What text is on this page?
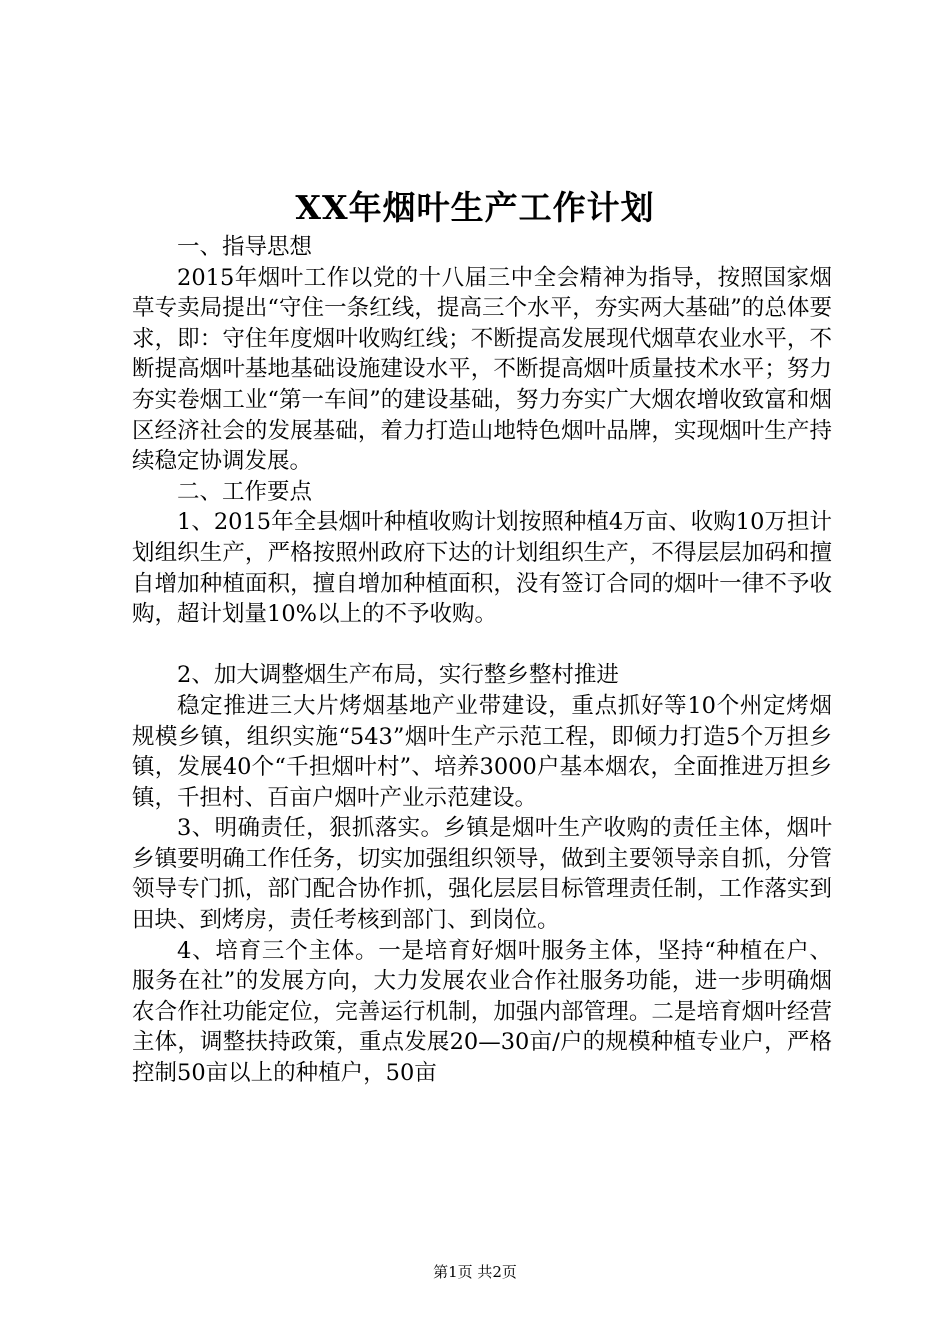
XX年烟叶生产工作计划

一、指导思想

2015年烟叶工作以党的十八届三中全会精神为指导，按照国家烟草专卖局提出“守住一条红线，提高三个水平，夯实两大基础”的总体要求，即：守住年度烟叶收购红线；不断提高发展现代烟草农业水平，不断提高烟叶基地基础设施建设水平，不断提高烟叶质量技术水平；努力夯实卷烟工业“第一车间”的建设基础，努力夯实广大烟农增收致富和烟区经济社会的发展基础，着力打造山地特色烟叶品牌，实现烟叶生产持续稳定协调发展。

二、工作要点

1、2015年全县烟叶种植收购计划按照种植4万亩、收购10万担计划组织生产，严格按照州政府下达的计划组织生产，不得层层加码和擅自增加种植面积，擅自增加种植面积，没有签订合同的烟叶一律不予收购，超计划量10%以上的不予收购。

2、加大调整烟生产布局，实行整乡整村推进

稳定推进三大片烤烟基地产业带建设，重点抓好等10个州定烤烟规模乡镇，组织实施“543”烟叶生产示范工程，即倾力打造5个万担乡镇，发展40个“千担烟叶村”、培养3000户基本烟农，全面推进万担乡镇，千担村、百亩户烟叶产业示范建设。

3、明确责任，狠抓落实。乡镇是烟叶生产收购的责任主体，烟叶乡镇要明确工作任务，切实加强组织领导，做到主要领导亲自抓，分管领导专门抓，部门配合协作抓，强化层层目标管理责任制，工作落实到田块、到烤房，责任考核到部门、到岗位。

4、培育三个主体。一是培育好烟叶服务主体，坚持“种植在户、服务在社”的发展方向，大力发展农业合作社服务功能，进一步明确烟农合作社功能定位，完善运行机制，加强内部管理。二是培育烟叶经营主体，调整扶持政策，重点发展20—30亩/户的规模种植专业户，严格控制50亩以上的种植户，50亩

第1页 共2页
